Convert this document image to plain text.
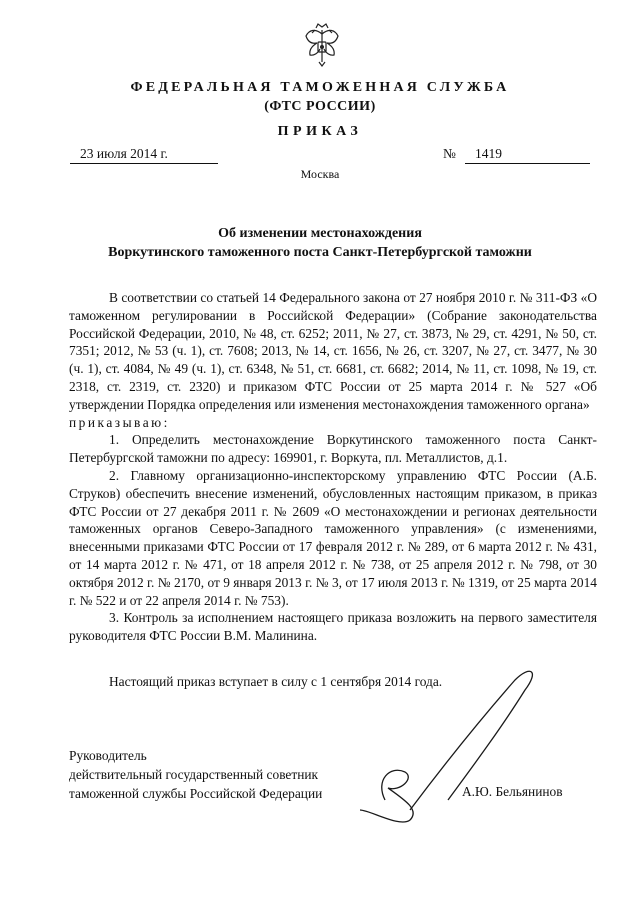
ФЕДЕРАЛЬНАЯ ТАМОЖЕННАЯ СЛУЖБА
(ФТС РОССИИ)
ПРИКАЗ
23 июля 2014 г.	№	1419
Москва
Об изменении местонахождения
Воркутинского таможенного поста Санкт-Петербургской таможни

В соответствии со статьей 14 Федерального закона от 27 ноября 2010 г. № 311-ФЗ «О таможенном регулировании в Российской Федерации» (Собрание законодательства Российской Федерации, 2010, № 48, ст. 6252; 2011, № 27, ст. 3873, № 29, ст. 4291, № 50, ст. 7351; 2012, № 53 (ч. 1), ст. 7608; 2013, № 14, ст. 1656, № 26, ст. 3207, № 27, ст. 3477, № 30 (ч. 1), ст. 4084, № 49 (ч. 1), ст. 6348, № 51, ст. 6681, ст. 6682; 2014, № 11, ст. 1098, № 19, ст. 2318, ст. 2319, ст. 2320) и приказом ФТС России от 25 марта 2014 г. № 527 «Об утверждении Порядка определения или изменения местонахождения таможенного органа»

приказываю:

1. Определить местонахождение Воркутинского таможенного поста Санкт-Петербургской таможни по адресу: 169901, г. Воркута, пл. Металлистов, д.1.

2. Главному организационно-инспекторскому управлению ФТС России (А.Б. Струков) обеспечить внесение изменений, обусловленных настоящим приказом, в приказ ФТС России от 27 декабря 2011 г. № 2609 «О местонахождении и регионах деятельности таможенных органов Северо-Западного таможенного управления» (с изменениями, внесенными приказами ФТС России от 17 февраля 2012 г. № 289, от 6 марта 2012 г. № 431, от 14 марта 2012 г. № 471, от 18 апреля 2012 г. № 738, от 25 апреля 2012 г. № 798, от 30 октября 2012 г. № 2170, от 9 января 2013 г. № 3, от 17 июля 2013 г. № 1319, от 25 марта 2014 г. № 522 и от 22 апреля 2014 г. № 753).

3. Контроль за исполнением настоящего приказа возложить на первого заместителя руководителя ФТС России В.М. Малинина.

Настоящий приказ вступает в силу с 1 сентября 2014 года.

Руководитель
действительный государственный советник
таможенной службы Российской Федерации	А.Ю. Бельянинов
